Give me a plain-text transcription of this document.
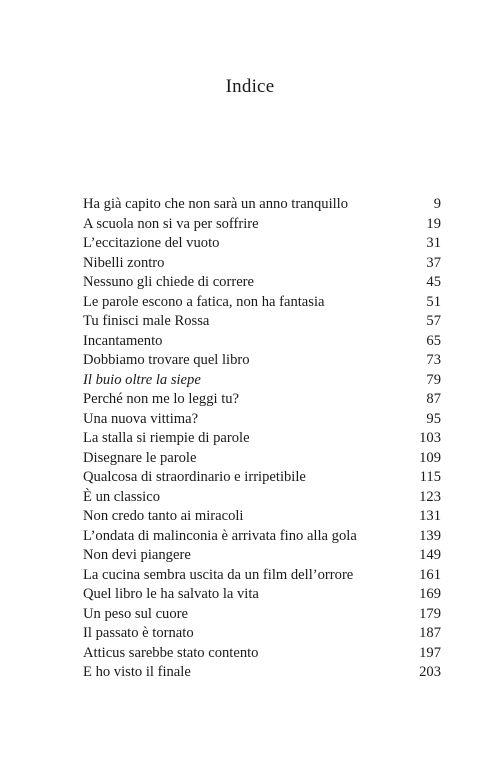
Indice
Ha già capito che non sarà un anno tranquillo	9
A scuola non si va per soffrire	19
L’eccitazione del vuoto	31
Nibelli zontro	37
Nessuno gli chiede di correre	45
Le parole escono a fatica, non ha fantasia	51
Tu finisci male Rossa	57
Incantamento	65
Dobbiamo trovare quel libro	73
Il buio oltre la siepe	79
Perché non me lo leggi tu?	87
Una nuova vittima?	95
La stalla si riempie di parole	103
Disegnare le parole	109
Qualcosa di straordinario e irripetibile	115
È un classico	123
Non credo tanto ai miracoli	131
L’ondata di malinconia è arrivata fino alla gola	139
Non devi piangere	149
La cucina sembra uscita da un film dell’orrore	161
Quel libro le ha salvato la vita	169
Un peso sul cuore	179
Il passato è tornato	187
Atticus sarebbe stato contento	197
E ho visto il finale	203
